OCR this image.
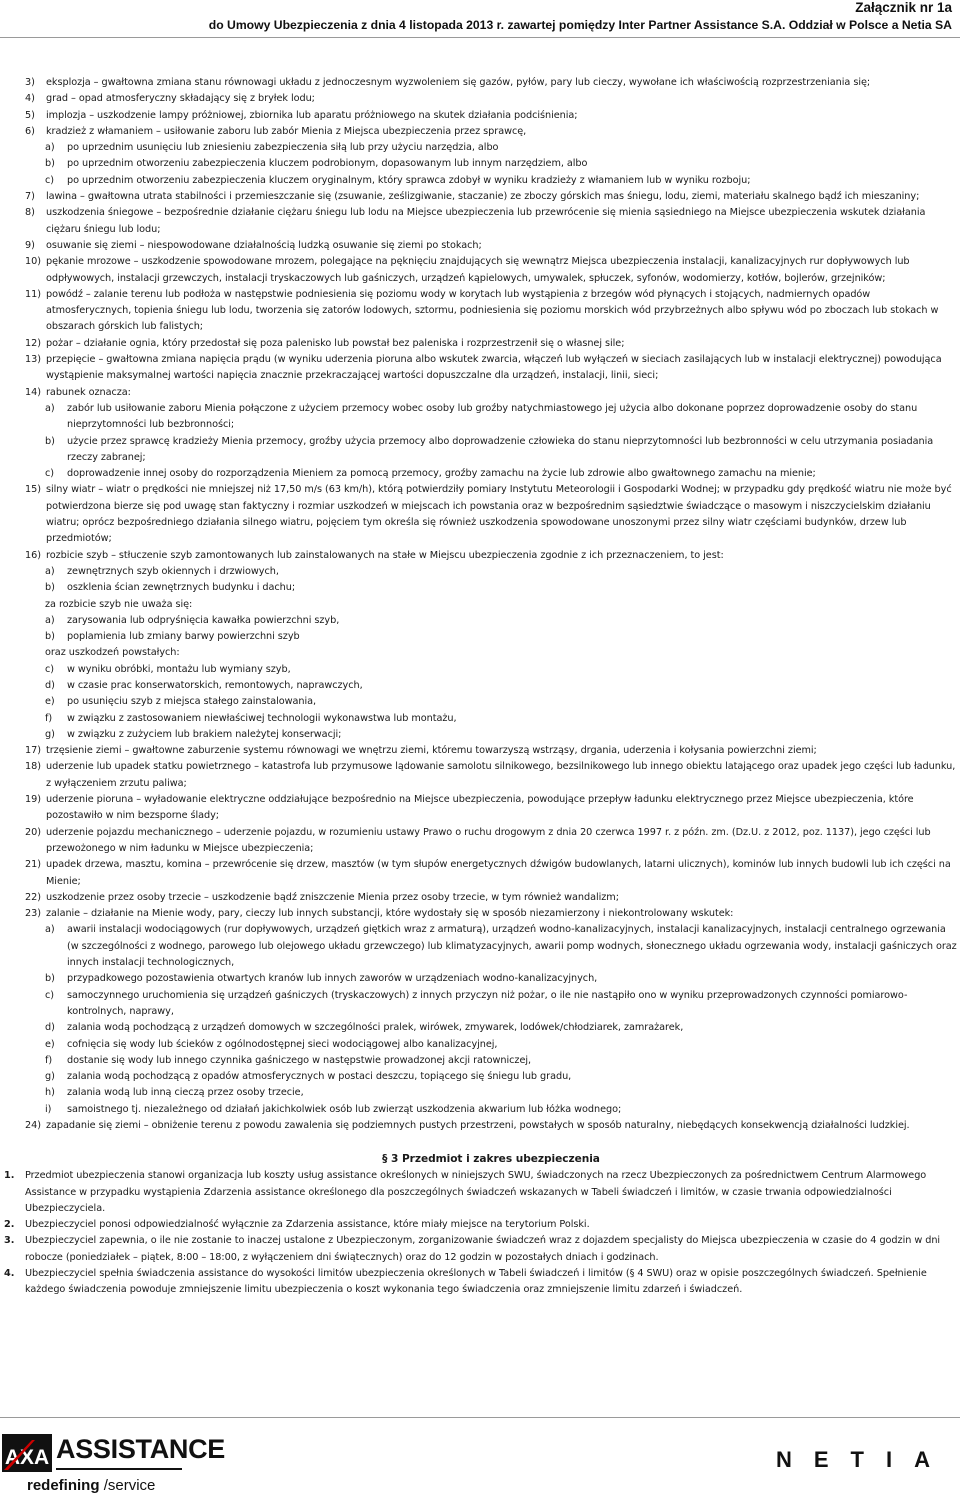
Załącznik nr 1a
do Umowy Ubezpieczenia z dnia 4 listopada 2013 r. zawartej pomiędzy Inter Partner Assistance S.A. Oddział w Polsce a Netia SA
3) eksplozja – gwałtowna zmiana stanu równowagi układu z jednoczesnym wyzwoleniem się gazów, pyłów, pary lub cieczy, wywołane ich właściwością rozprzestrzeniania się;
4) grad – opad atmosferyczny składający się z bryłek lodu;
5) implozja – uszkodzenie lampy próżniowej, zbiornika lub aparatu próżniowego na skutek działania podciśnienia;
6) kradzież z włamaniem – usiłowanie zaboru lub zabór Mienia z Miejsca ubezpieczenia przez sprawcę,
a) po uprzednim usunięciu lub zniesieniu zabezpieczenia siłą lub przy użyciu narzędzia, albo
b) po uprzednim otworzeniu zabezpieczenia kluczem podrobionym, dopasowanym lub innym narzędziem, albo
c) po uprzednim otworzeniu zabezpieczenia kluczem oryginalnym, który sprawca zdobył w wyniku kradzieży z włamaniem lub w wyniku rozboju;
7) lawina – gwałtowna utrata stabilności i przemieszczanie się (zsuwanie, ześlizgiwanie, staczanie) ze zboczy górskich mas śniegu, lodu, ziemi, materiału skalnego bądź ich mieszaniny;
8) uszkodzenia śniegowe – bezpośrednie działanie ciężaru śniegu lub lodu na Miejsce ubezpieczenia lub przewrócenie się mienia sąsiedniego na Miejsce ubezpieczenia wskutek działania ciężaru śniegu lub lodu;
9) osuwanie się ziemi – niespowodowane działalnością ludzką osuwanie się ziemi po stokach;
10) pękanie mrozowe – uszkodzenie spowodowane mrozem, polegające na pęknięciu znajdujących się wewnątrz Miejsca ubezpieczenia instalacji, kanalizacyjnych rur dopływowych lub odpływowych, instalacji grzewczych, instalacji tryskaczowych lub gaśniczych, urządzeń kąpielowych, umywalek, spłuczek, syfonów, wodomierzy, kotłów, bojlerów, grzejników;
11) powódź – zalanie terenu lub podłoża w następstwie podniesienia się poziomu wody w korytach lub wystąpienia z brzegów wód płynących i stojących, nadmiernych opadów atmosferycznych, topienia śniegu lub lodu, tworzenia się zatorów lodowych, sztormu, podniesienia się poziomu morskich wód przybrzeżnych albo spływu wód po zboczach lub stokach w obszarach górskich lub falistych;
12) pożar – działanie ognia, który przedostał się poza palenisko lub powstał bez paleniska i rozprzestrzenił się o własnej sile;
13) przepięcie – gwałtowna zmiana napięcia prądu (w wyniku uderzenia pioruna albo wskutek zwarcia, włączeń lub wyłączeń w sieciach zasilających lub w instalacji elektrycznej) powodująca wystąpienie maksymalnej wartości napięcia znacznie przekraczającej wartości dopuszczalne dla urządzeń, instalacji, linii, sieci;
14) rabunek oznacza:
a) zabór lub usiłowanie zaboru Mienia połączone z użyciem przemocy wobec osoby lub groźby natychmiastowego jej użycia albo dokonane poprzez doprowadzenie osoby do stanu nieprzytomności lub bezbronności;
b) użycie przez sprawcę kradzieży Mienia przemocy, groźby użycia przemocy albo doprowadzenie człowieka do stanu nieprzytomności lub bezbronności w celu utrzymania posiadania rzeczy zabranej;
c) doprowadzenie innej osoby do rozporządzenia Mieniem za pomocą przemocy, groźby zamachu na życie lub zdrowie albo gwałtownego zamachu na mienie;
15) silny wiatr – wiatr o prędkości nie mniejszej niż 17,50 m/s (63 km/h), którą potwierdziły pomiary Instytutu Meteorologii i Gospodarki Wodnej; w przypadku gdy prędkość wiatru nie może być potwierdzona bierze się pod uwagę stan faktyczny i rozmiar uszkodzeń w miejscach ich powstania oraz w bezpośrednim sąsiedztwie świadczące o masowym i niszczycielskim działaniu wiatru; oprócz bezpośredniego działania silnego wiatru, pojęciem tym określa się również uszkodzenia spowodowane unoszonymi przez silny wiatr częściami budynków, drzew lub przedmiotów;
16) rozbicie szyb – stłuczenie szyb zamontowanych lub zainstalowanych na stałe w Miejscu ubezpieczenia zgodnie z ich przeznaczeniem, to jest:
a) zewnętrznych szyb okiennych i drzwiowych,
b) oszklenia ścian zewnętrznych budynku i dachu;
za rozbicie szyb nie uważa się:
a) zarysowania lub odpryśnięcia kawałka powierzchni szyb,
b) poplamienia lub zmiany barwy powierzchni szyb
oraz uszkodzeń powstałych:
c) w wyniku obróbki, montażu lub wymiany szyb,
d) w czasie prac konserwatorskich, remontowych, naprawczych,
e) po usunięciu szyb z miejsca stałego zainstalowania,
f) w związku z zastosowaniem niewłaściwej technologii wykonawstwa lub montażu,
g) w związku z zużyciem lub brakiem należytej konserwacji;
17) trzęsienie ziemi – gwałtowne zaburzenie systemu równowagi we wnętrzu ziemi, któremu towarzyszą wstrząsy, drgania, uderzenia i kołysania powierzchni ziemi;
18) uderzenie lub upadek statku powietrznego – katastrofa lub przymusowe lądowanie samolotu silnikowego, bezsilnikowego lub innego obiektu latającego oraz upadek jego części lub ładunku, z wyłączeniem zrzutu paliwa;
19) uderzenie pioruna – wyładowanie elektryczne oddziałujące bezpośrednio na Miejsce ubezpieczenia, powodujące przepływ ładunku elektrycznego przez Miejsce ubezpieczenia, które pozostawiło w nim bezsporne ślady;
20) uderzenie pojazdu mechanicznego – uderzenie pojazdu, w rozumieniu ustawy Prawo o ruchu drogowym z dnia 20 czerwca 1997 r. z późn. zm. (Dz.U. z 2012, poz. 1137), jego części lub przewożonego w nim ładunku w Miejsce ubezpieczenia;
21) upadek drzewa, masztu, komina – przewrócenie się drzew, masztów (w tym słupów energetycznych dźwigów budowlanych, latarni ulicznych), kominów lub innych budowli lub ich części na Mienie;
22) uszkodzenie przez osoby trzecie – uszkodzenie bądź zniszczenie Mienia przez osoby trzecie, w tym również wandalizm;
23) zalanie – działanie na Mienie wody, pary, cieczy lub innych substancji, które wydostały się w sposób niezamierzony i niekontrolowany wskutek:
a) awarii instalacji wodociągowych (rur dopływowych, urządzeń giętkich wraz z armaturą), urządzeń wodno-kanalizacyjnych, instalacji kanalizacyjnych, instalacji centralnego ogrzewania (w szczególności z wodnego, parowego lub olejowego układu grzewczego) lub klimatyzacyjnych, awarii pomp wodnych, słonecznego układu ogrzewania wody, instalacji gaśniczych oraz innych instalacji technologicznych,
b) przypadkowego pozostawienia otwartych kranów lub innych zaworów w urządzeniach wodno-kanalizacyjnych,
c) samoczynnego uruchomienia się urządzeń gaśniczych (tryskaczowych) z innych przyczyn niż pożar, o ile nie nastąpiło ono w wyniku przeprowadzonych czynności pomiarowo-kontrolnych, naprawy,
d) zalania wodą pochodzącą z urządzeń domowych w szczególności pralek, wirówek, zmywarek, lodówek/chłodziarek, zamrażarek,
e) cofnięcia się wody lub ścieków z ogólnodostępnej sieci wodociągowej albo kanalizacyjnej,
f) dostanie się wody lub innego czynnika gaśniczego w następstwie prowadzonej akcji ratowniczej,
g) zalania wodą pochodzącą z opadów atmosferycznych w postaci deszczu, topiącego się śniegu lub gradu,
h) zalania wodą lub inną cieczą przez osoby trzecie,
i) samoistnego tj. niezależnego od działań jakichkolwiek osób lub zwierząt uszkodzenia akwarium lub łóżka wodnego;
24) zapadanie się ziemi – obniżenie terenu z powodu zawalenia się podziemnych pustych przestrzeni, powstałych w sposób naturalny, niebędących konsekwencją działalności ludzkiej.
§ 3 Przedmiot i zakres ubezpieczenia
1. Przedmiot ubezpieczenia stanowi organizacja lub koszty usług assistance określonych w niniejszych SWU, świadczonych na rzecz Ubezpieczonych za pośrednictwem Centrum Alarmowego Assistance w przypadku wystąpienia Zdarzenia assistance określonego dla poszczególnych świadczeń wskazanych w Tabeli świadczeń i limitów, w czasie trwania odpowiedzialności Ubezpieczyciela.
2. Ubezpieczyciel ponosi odpowiedzialność wyłącznie za Zdarzenia assistance, które miały miejsce na terytorium Polski.
3. Ubezpieczyciel zapewnia, o ile nie zostanie to inaczej ustalone z Ubezpieczonym, zorganizowanie świadczeń wraz z dojazdem specjalisty do Miejsca ubezpieczenia w czasie do 4 godzin w dni robocze (poniedziałek – piątek, 8:00 – 18:00, z wyłączeniem dni świątecznych) oraz do 12 godzin w pozostałych dniach i godzinach.
4. Ubezpieczyciel spełnia świadczenia assistance do wysokości limitów ubezpieczenia określonych w Tabeli świadczeń i limitów (§ 4 SWU) oraz w opisie poszczególnych świadczeń. Spełnienie każdego świadczenia powoduje zmniejszenie limitu ubezpieczenia o koszt wykonania tego świadczenia oraz zmniejszenie limitu zdarzeń i świadczeń.
AXA ASSISTANCE
redefining /service
NETIA
